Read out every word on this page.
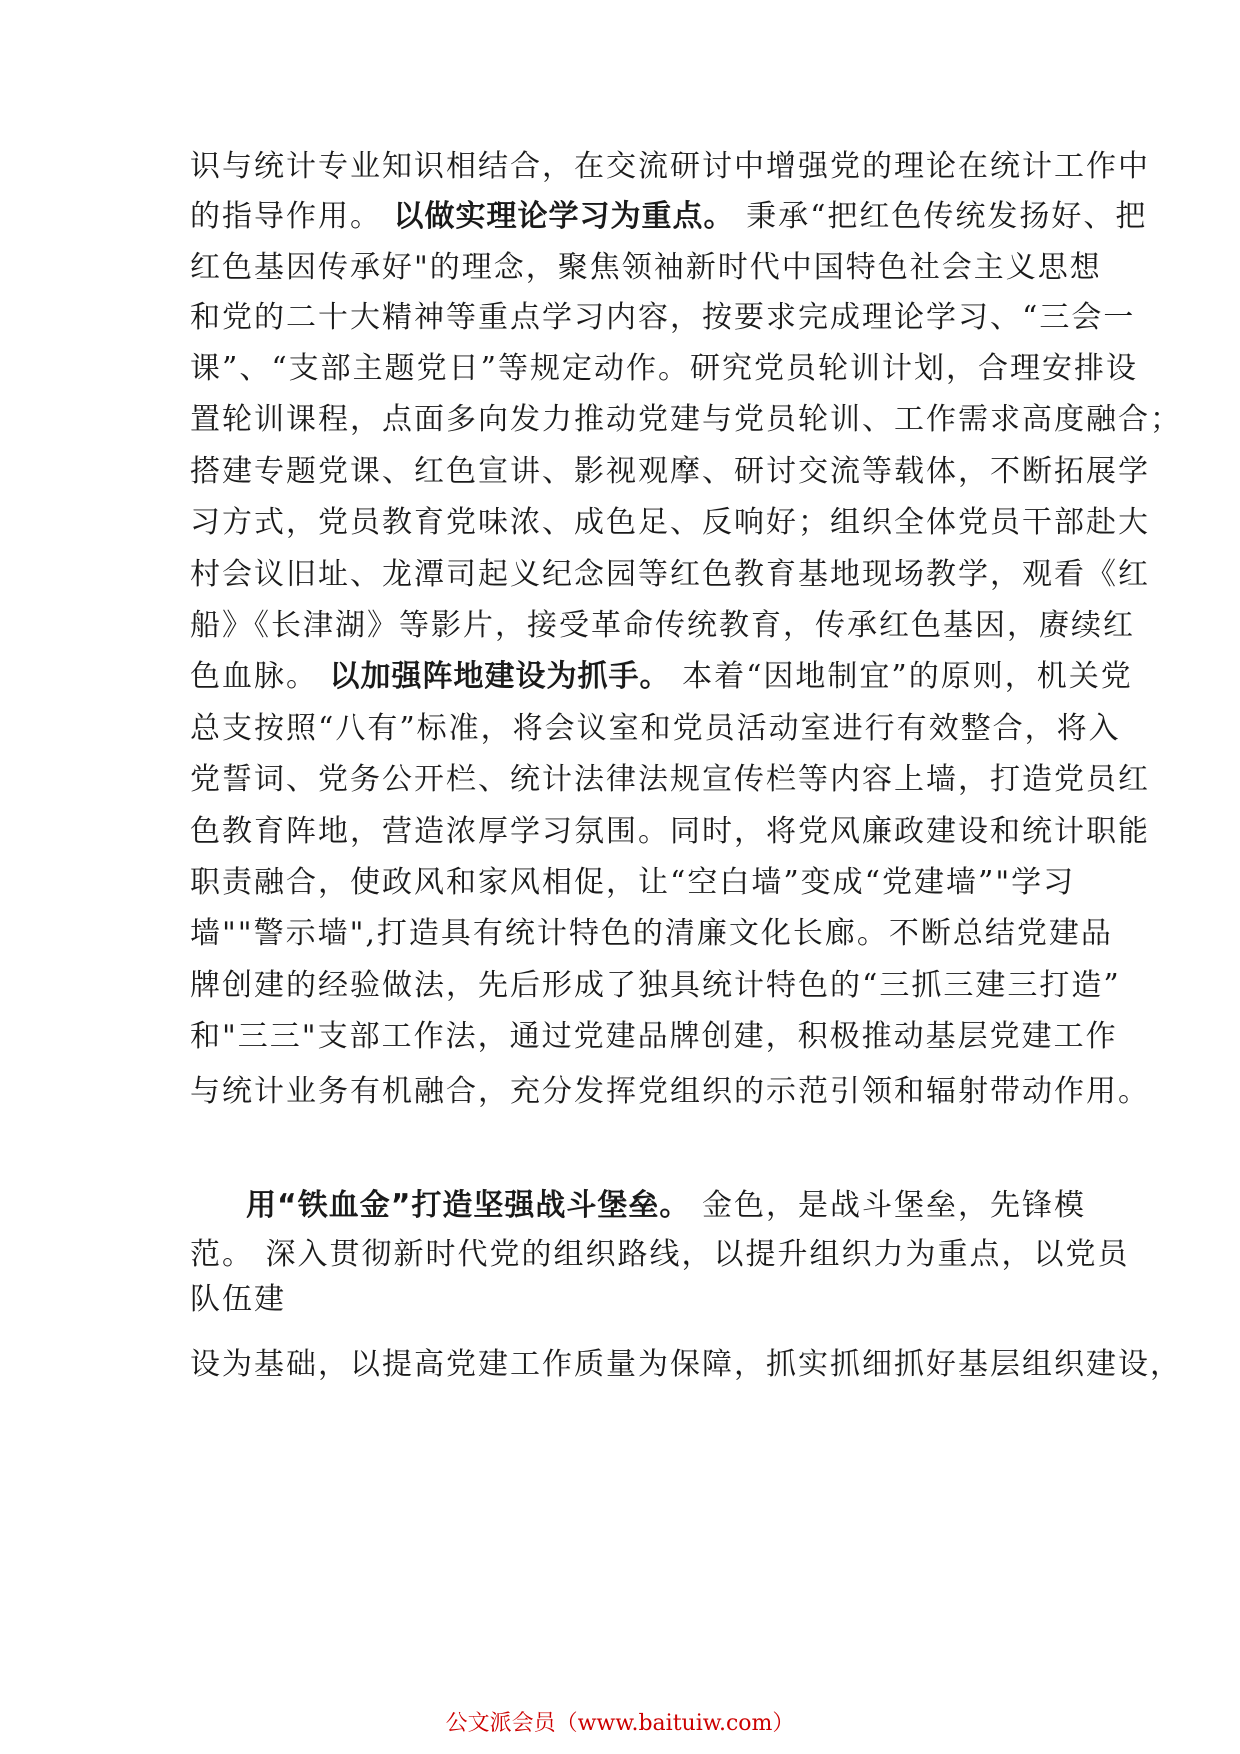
识与统计专业知识相结合，在交流研讨中增强党的理论在统计工作中
的指导作用。 以做实理论学习为重点。 秉承“把红色传统发扬好、把
红色基因传承好"的理念，聚焦领袖新时代中国特色社会主义思想
和党的二十大精神等重点学习内容，按要求完成理论学习、“三会一
课”、“支部主题党日”等规定动作。研究党员轮训计划，合理安排设
置轮训课程，点面多向发力推动党建与党员轮训、工作需求高度融合；
搭建专题党课、红色宣讲、影视观摩、研讨交流等载体，不断拓展学
习方式，党员教育党味浓、成色足、反响好；组织全体党员干部赴大
村会议旧址、龙潭司起义纪念园等红色教育基地现场教学，观看《红
船》《长津湖》等影片，接受革命传统教育，传承红色基因，赓续红
色血脉。 以加强阵地建设为抓手。 本着“因地制宜”的原则，机关党
总支按照“八有”标准，将会议室和党员活动室进行有效整合，将入
党誓词、党务公开栏、统计法律法规宣传栏等内容上墙，打造党员红
色教育阵地，营造浓厚学习氛围。同时，将党风廉政建设和统计职能
职责融合，使政风和家风相促，让“空白墙”变成“党建墙”"学习
墙""警示墙",打造具有统计特色的清廉文化长廊。不断总结党建品
牌创建的经验做法，先后形成了独具统计特色的“三抓三建三打造”
和"三三"支部工作法，通过党建品牌创建，积极推动基层党建工作
与统计业务有机融合，充分发挥党组织的示范引领和辐射带动作用。
用“铁血金”打造坚强战斗堡垒。 金色，是战斗堡垒，先锋模
范。 深入贯彻新时代党的组织路线，以提升组织力为重点，以党员
队伍建
设为基础，以提高党建工作质量为保障，抓实抓细抓好基层组织建设，
公文派会员（www.baituiw.com）
